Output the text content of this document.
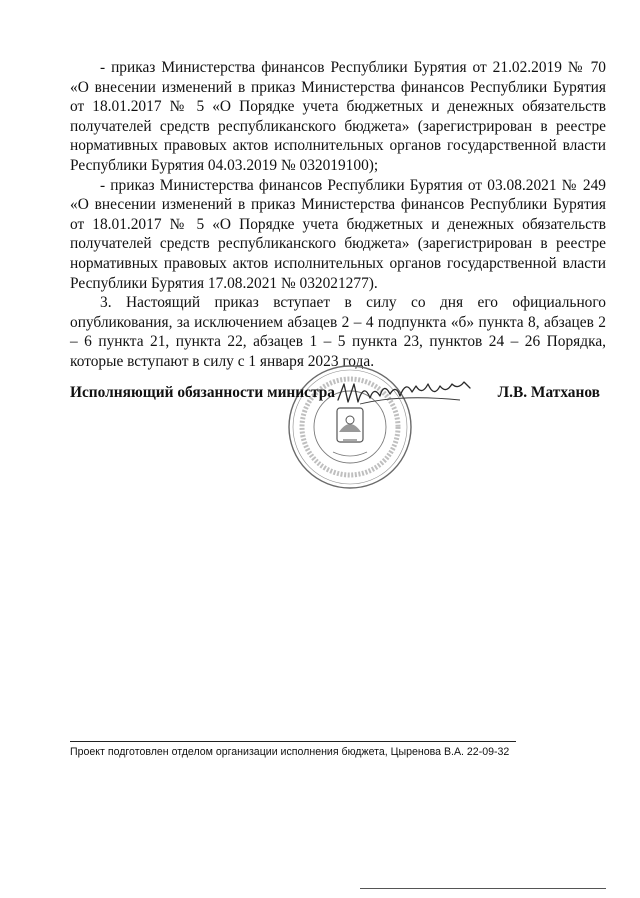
- приказ Министерства финансов Республики Бурятия от 21.02.2019 № 70 «О внесении изменений в приказ Министерства финансов Республики Бурятия от 18.01.2017 № 5 «О Порядке учета бюджетных и денежных обязательств получателей средств республиканского бюджета» (зарегистрирован в реестре нормативных правовых актов исполнительных органов государственной власти Республики Бурятия 04.03.2019 № 032019100);

- приказ Министерства финансов Республики Бурятия от 03.08.2021 № 249 «О внесении изменений в приказ Министерства финансов Республики Бурятия от 18.01.2017 № 5 «О Порядке учета бюджетных и денежных обязательств получателей средств республиканского бюджета» (зарегистрирован в реестре нормативных правовых актов исполнительных органов государственной власти Республики Бурятия 17.08.2021 № 032021277).

3. Настоящий приказ вступает в силу со дня его официального опубликования, за исключением абзацев 2 – 4 подпункта «б» пункта 8, абзацев 2 – 6 пункта 21, пункта 22, абзацев 1 – 5 пункта 23, пунктов 24 – 26 Порядка, которые вступают в силу с 1 января 2023 года.

Исполняющий обязанности министра	Л.В. Матханов
Проект подготовлен отделом организации исполнения бюджета, Цыренова В.А. 22-09-32
